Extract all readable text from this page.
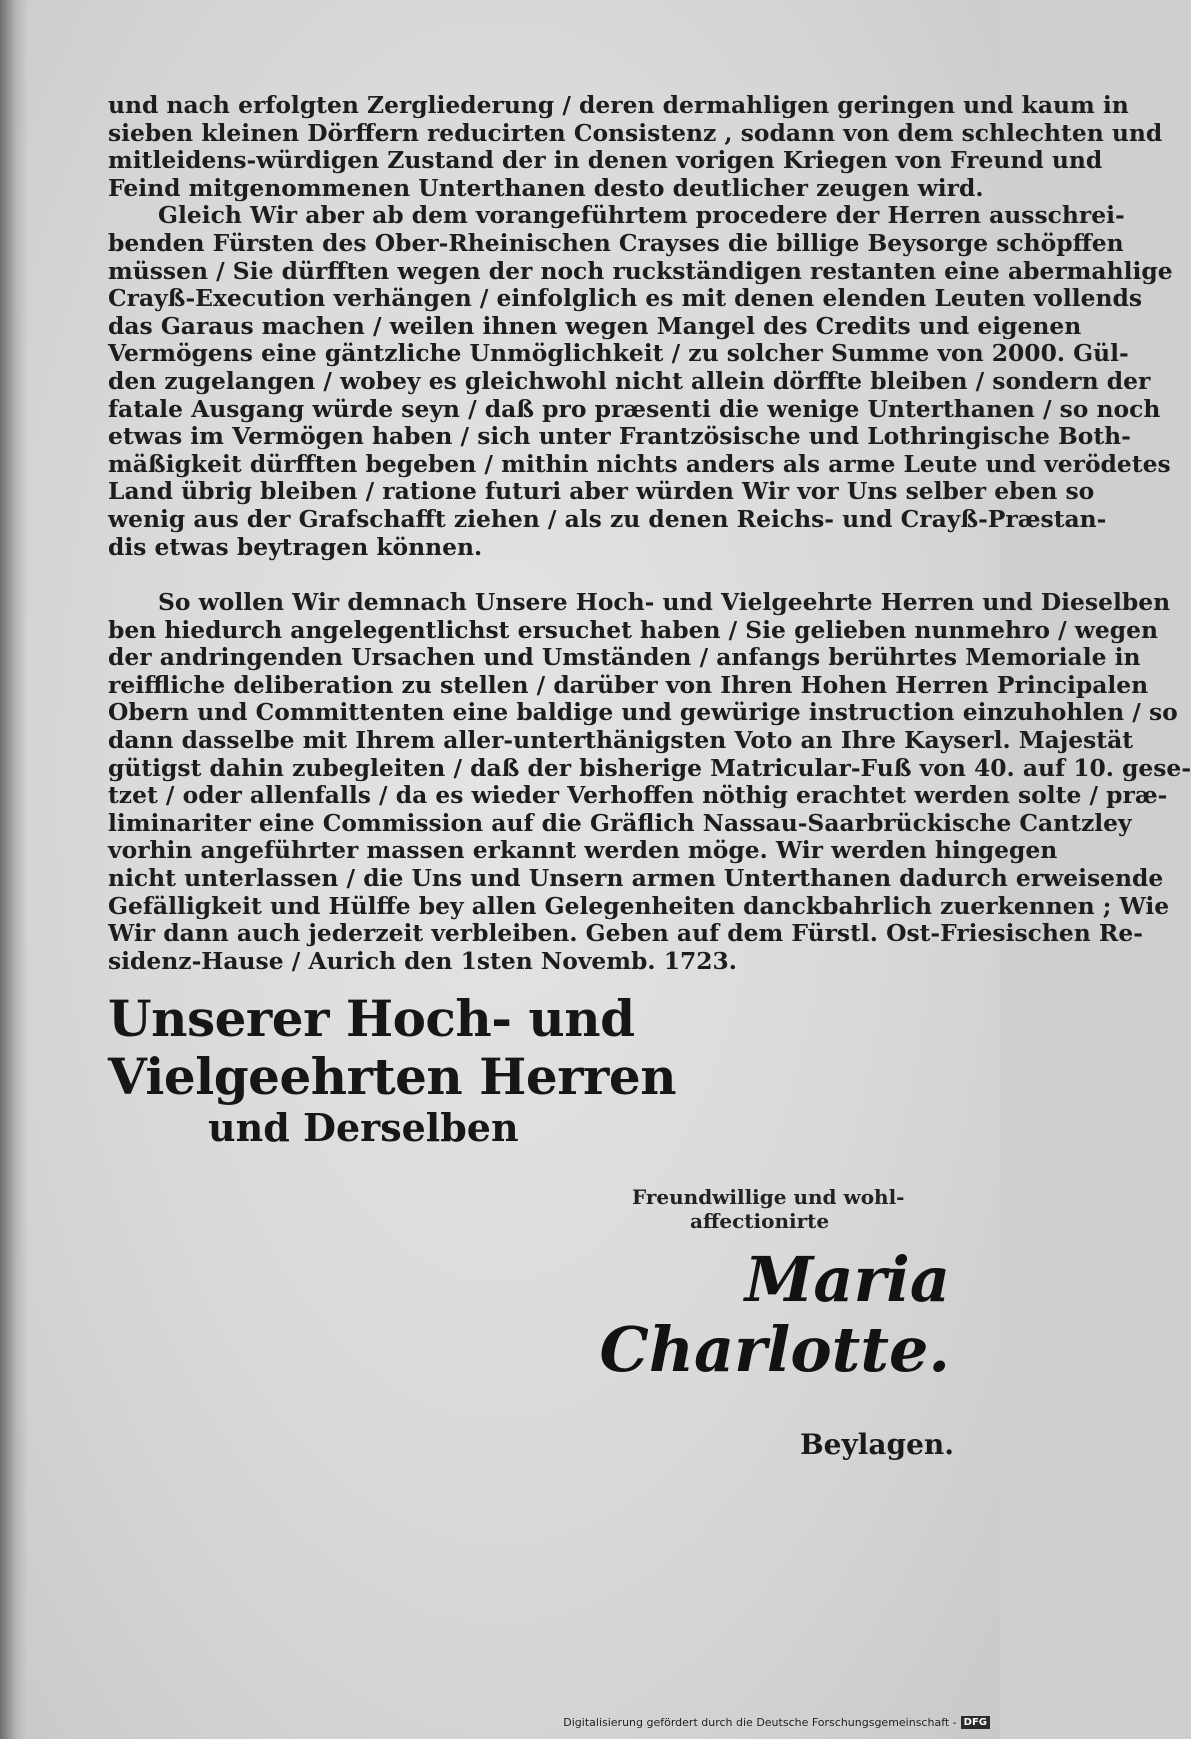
und nach erfolgten Zergliederung / deren dermahligen geringen und kaum in
sieben kleinen Dörffern reducirten Consistenz , sodann von dem schlechten und
mitleidens-würdigen Zustand der in denen vorigen Kriegen von Freund und
Feind mitgenommenen Unterthanen desto deutlicher zeugen wird.
Gleich Wir aber ab dem vorangeführtem procedere der Herren ausschrei-
benden Fürsten des Ober-Rheinischen Crayses die billige Beysorge schöpffen
müssen / Sie dürfften wegen der noch ruckständigen restanten eine abermahlige
Crayß-Execution verhängen / einfolglich es mit denen elenden Leuten vollends
das Garaus machen / weilen ihnen wegen Mangel des Credits und eigenen
Vermögens eine gäntzliche Unmöglichkeit / zu solcher Summe von 2000. Gül-
den zugelangen / wobey es gleichwohl nicht allein dörffte bleiben / sondern der
fatale Ausgang würde seyn / daß pro præsenti die wenige Unterthanen / so noch
etwas im Vermögen haben / sich unter Frantzösische und Lothringische Both-
mäßigkeit dürfften begeben / mithin nichts anders als arme Leute und verödetes
Land übrig bleiben / ratione futuri aber würden Wir vor Uns selber eben so
wenig aus der Grafschafft ziehen / als zu denen Reichs- und Crayß-Præstan-
dis etwas beytragen können.
So wollen Wir demnach Unsere Hoch- und Vielgeehrte Herren und Dieselben
ben hiedurch angelegentlichst ersuchet haben / Sie gelieben nunmehro / wegen
der andringenden Ursachen und Umständen / anfangs berührtes Memoriale in
reiffliche deliberation zu stellen / darüber von Ihren Hohen Herren Principalen
Obern und Committenten eine baldige und gewürige instruction einzuhohlen / so
dann dasselbe mit Ihrem aller-unterthänigsten Voto an Ihre Kayserl. Majestät
gütigst dahin zubegleiten / daß der bisherige Matricular-Fuß von 40. auf 10. gese-
tzet / oder allenfalls / da es wieder Verhoffen nöthig erachtet werden solte / præ-
liminariter eine Commission auf die Gräflich Nassau-Saarbrückische Cantzley
vorhin angeführter massen erkannt werden möge. Wir werden hingegen
nicht unterlassen / die Uns und Unsern armen Unterthanen dadurch erweisende
Gefälligkeit und Hülffe bey allen Gelegenheiten danckbahrlich zuerkennen ; Wie
Wir dann auch jederzeit verbleiben. Geben auf dem Fürstl. Ost-Friesischen Re-
sidenz-Hause / Aurich den 1sten Novemb. 1723.
Unserer Hoch- und Vielgeehrten Herren
und Derselben
Freundwillige und wohl-
affectionirte
Maria Charlotte.
Beylagen.
Digitalisierung gefördert durch die Deutsche Forschungsgemeinschaft - DFG
